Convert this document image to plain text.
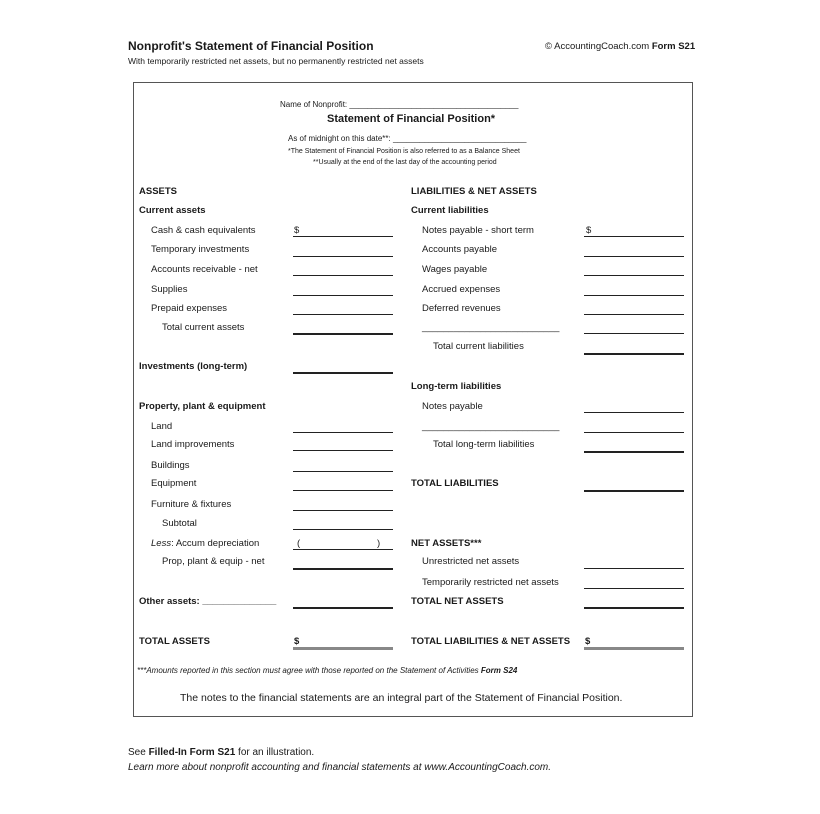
Nonprofit's Statement of Financial Position
With temporarily restricted net assets, but no permanently restricted net assets
© AccountingCoach.com Form S21
Name of Nonprofit: ______________________________________
Statement of Financial Position*
As of midnight on this date**: ______________________________
*The Statement of Financial Position is also referred to as a Balance Sheet
**Usually at the end of the last day of the accounting period
ASSETS
Current assets
Cash & cash equivalents	$
Temporary investments
Accounts receivable - net
Supplies
Prepaid expenses
Total current assets
Investments (long-term)
Property, plant & equipment
Land
Land improvements
Buildings
Equipment
Furniture & fixtures
Subtotal
Less: Accum depreciation	(	)
Prop, plant & equip - net
Other assets: ______________
TOTAL ASSETS	$
LIABILITIES & NET ASSETS
Current liabilities
Notes payable - short term	$
Accounts payable
Wages payable
Accrued expenses
Deferred revenues
__________________________
Total current liabilities
Long-term liabilities
Notes payable
__________________________
Total long-term liabilities
TOTAL LIABILITIES
NET ASSETS***
Unrestricted net assets
Temporarily restricted net assets
TOTAL NET ASSETS
TOTAL LIABILITIES & NET ASSETS $
***Amounts reported in this section must agree with those reported on the Statement of Activities Form S24
The notes to the financial statements are an integral part of the Statement of Financial Position.
See Filled-In Form S21 for an illustration.
Learn more about nonprofit accounting and financial statements at www.AccountingCoach.com.
